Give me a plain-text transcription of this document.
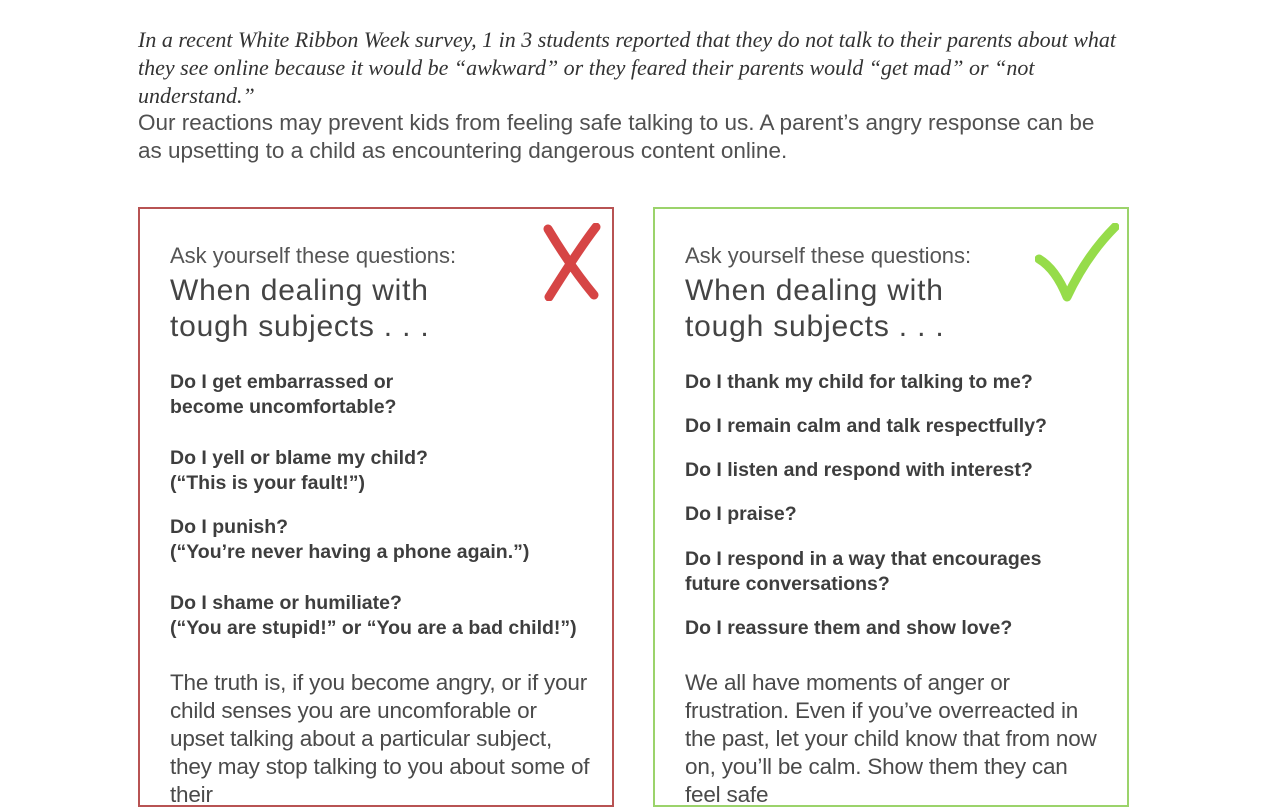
In a recent White Ribbon Week survey, 1 in 3 students reported that they do not talk to their parents about what they see online because it would be “awkward” or they feared their parents would “get mad” or “not understand.”

Our reactions may prevent kids from feeling safe talking to us. A parent’s angry response can be as upsetting to a child as encountering dangerous content online.

Ask yourself these questions:

When dealing with tough subjects . . .
Do I get embarrassed or
become uncomfortable?
Do I yell or blame my child?
(“This is your fault!”)
Do I punish?
(“You’re never having a phone again.”)
Do I shame or humiliate?
(“You are stupid!” or “You are a bad child!”)

The truth is, if you become angry, or if your child senses you are uncomforable or upset talking about a particular subject, they may stop talking to you about some of their

Ask yourself these questions:

When dealing with tough subjects . . .
Do I thank my child for talking to me?
Do I remain calm and talk respectfully?
Do I listen and respond with interest?
Do I praise?
Do I respond in a way that encourages
future conversations?
Do I reassure them and show love?

We all have moments of anger or frustration. Even if you’ve overreacted in the past, let your child know that from now on, you’ll be calm. Show them they can feel safe
